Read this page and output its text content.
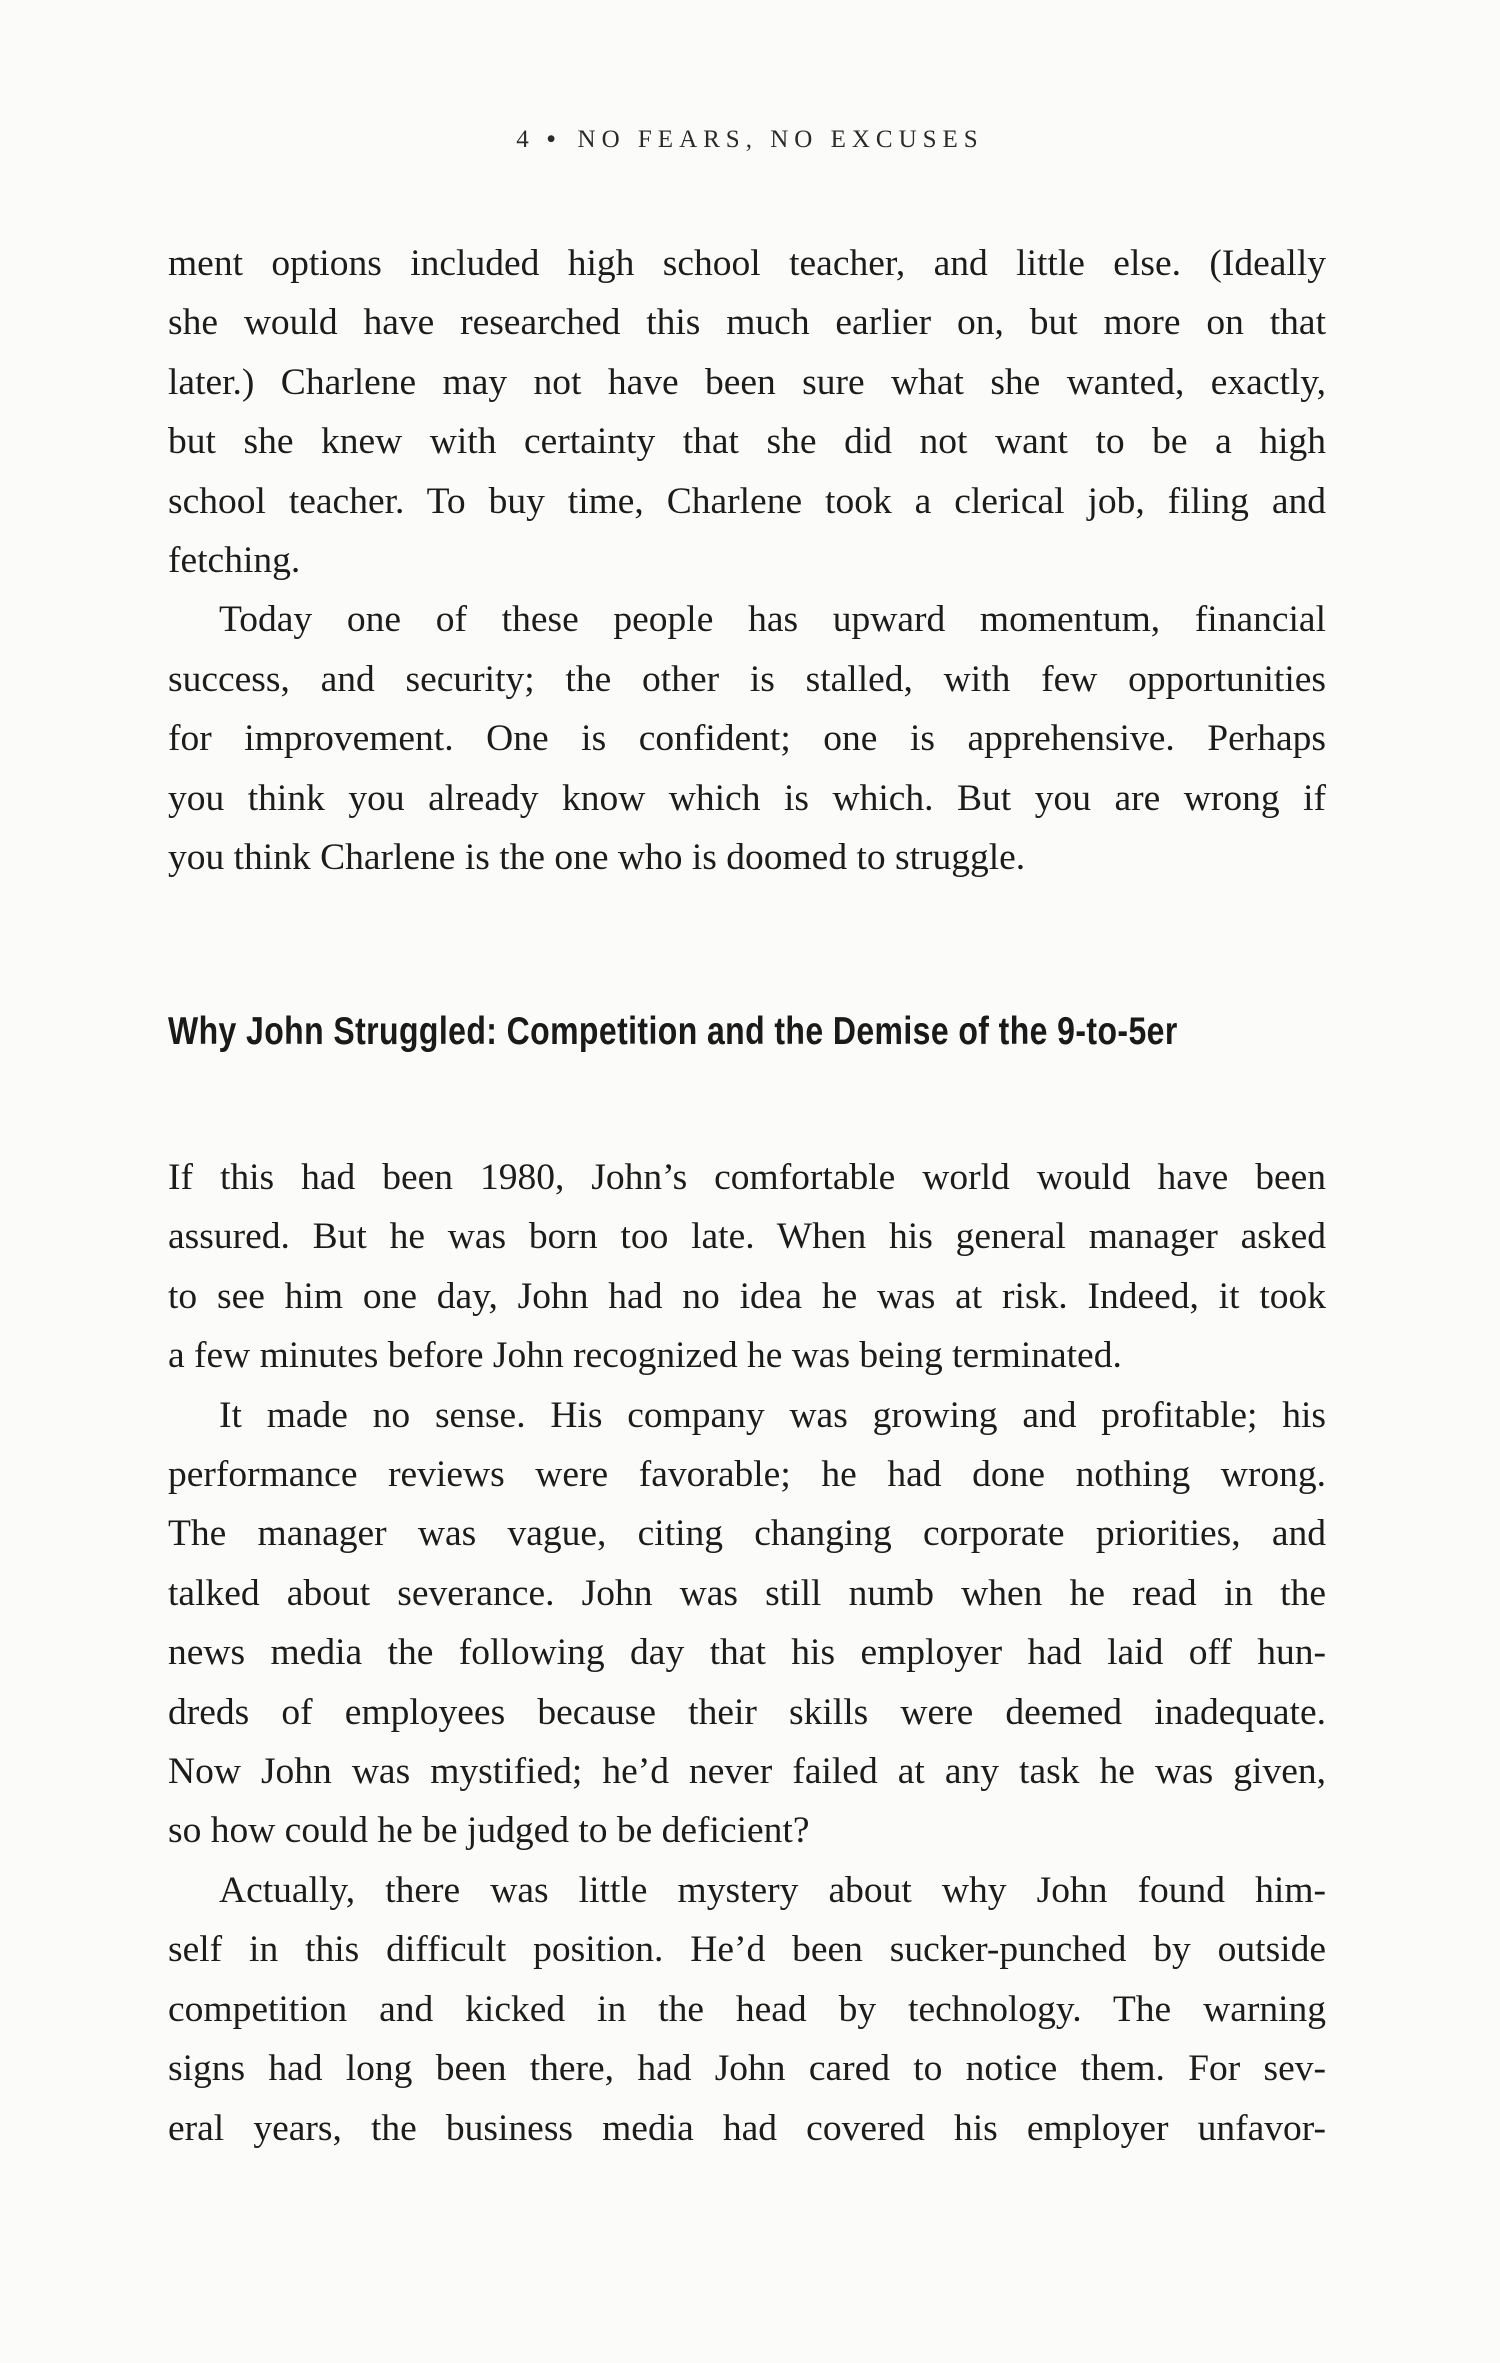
4 • NO FEARS, NO EXCUSES

ment options included high school teacher, and little else. (Ideally

she would have researched this much earlier on, but more on that

later.) Charlene may not have been sure what she wanted, exactly,

but she knew with certainty that she did not want to be a high

school teacher. To buy time, Charlene took a clerical job, filing and

fetching.

Today one of these people has upward momentum, financial

success, and security; the other is stalled, with few opportunities

for improvement. One is confident; one is apprehensive. Perhaps

you think you already know which is which. But you are wrong if

you think Charlene is the one who is doomed to struggle.

Why John Struggled: Competition and the Demise of the 9-to-5er

If this had been 1980, John’s comfortable world would have been

assured. But he was born too late. When his general manager asked

to see him one day, John had no idea he was at risk. Indeed, it took

a few minutes before John recognized he was being terminated.

It made no sense. His company was growing and profitable; his

performance reviews were favorable; he had done nothing wrong.

The manager was vague, citing changing corporate priorities, and

talked about severance. John was still numb when he read in the

news media the following day that his employer had laid off hun-

dreds of employees because their skills were deemed inadequate.

Now John was mystified; he’d never failed at any task he was given,

so how could he be judged to be deficient?

Actually, there was little mystery about why John found him-

self in this difficult position. He’d been sucker-punched by outside

competition and kicked in the head by technology. The warning

signs had long been there, had John cared to notice them. For sev-

eral years, the business media had covered his employer unfavor-
